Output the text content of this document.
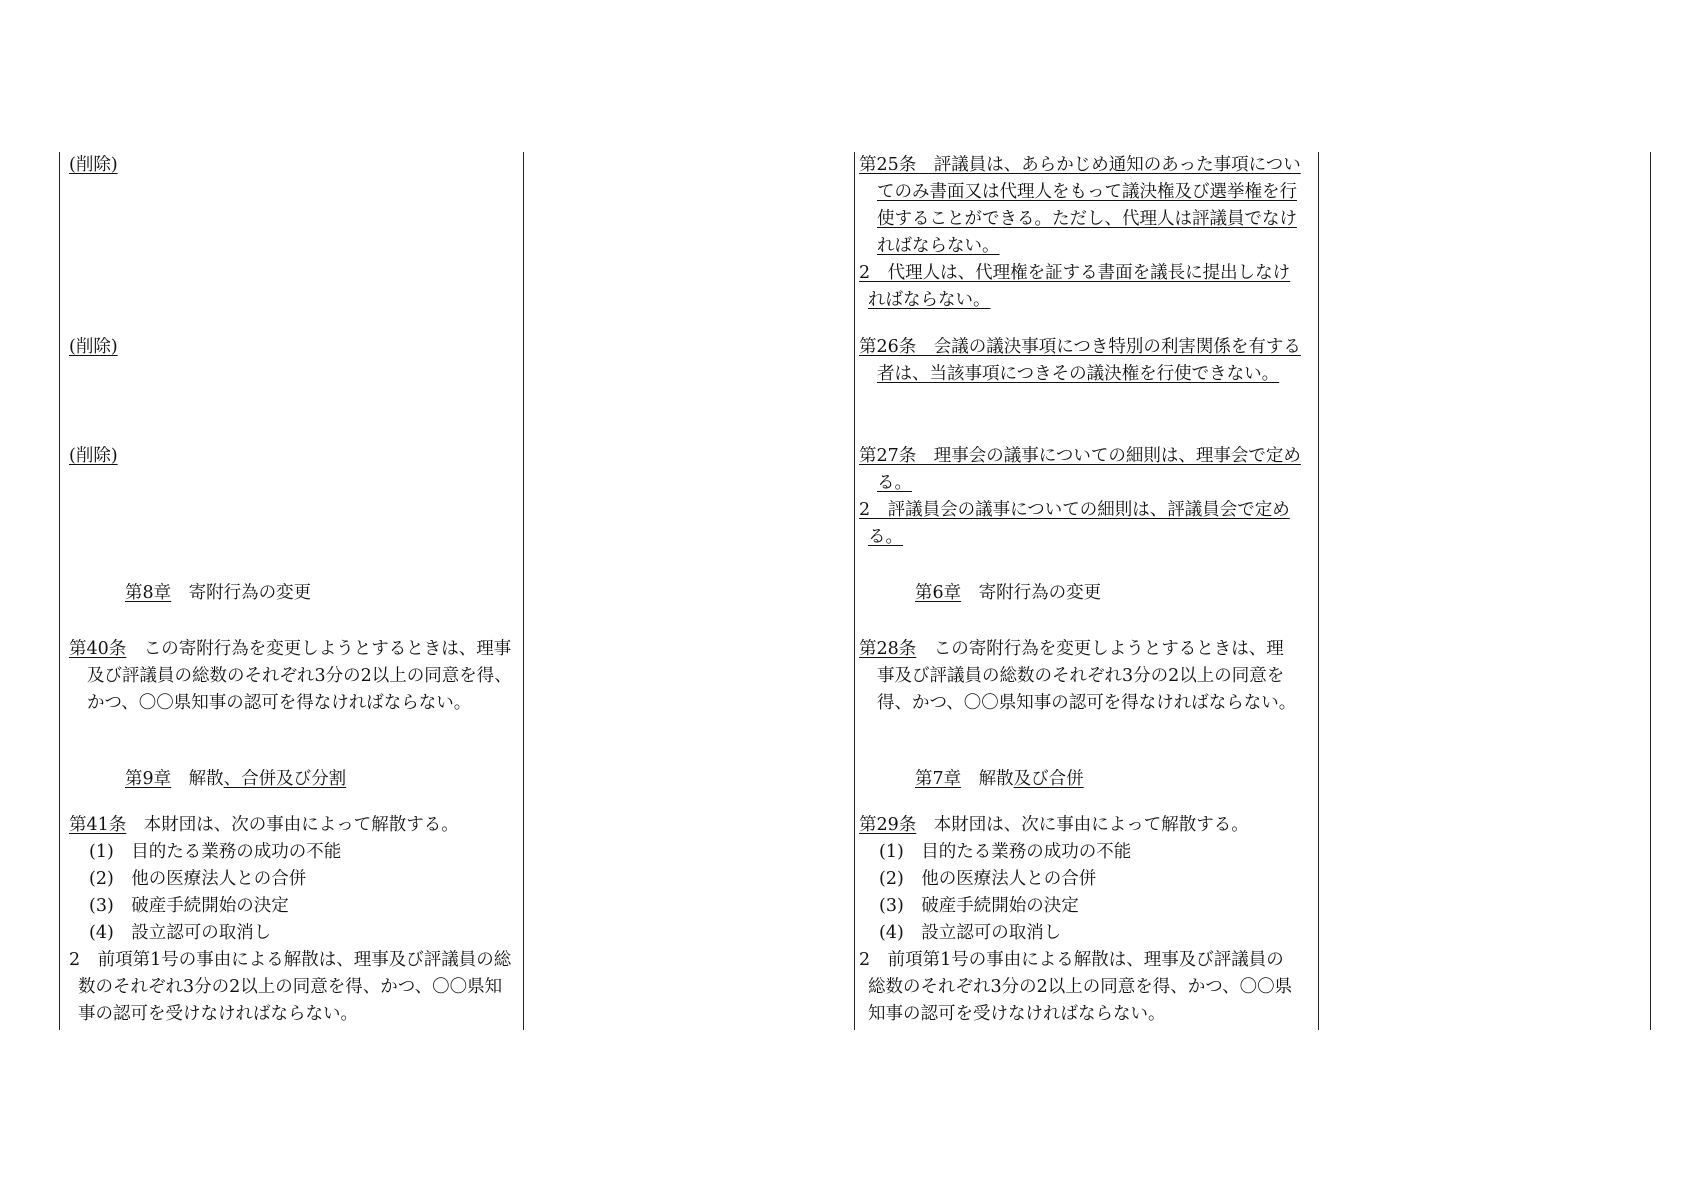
(削除)
(削除)
(削除)

第8章　 寄附行為の変更

第40条　 この寄附行為を変更しようとするときは、理事及び評議員の総数のそれぞれ3分の2以上の同意を得、かつ、〇〇県知事の認可を得なければならない。

第9章　 解散、合併及び分割

第41条　 本財団は、次の事由によって解散する。

(1)　目的たる業務の成功の不能

(2)　他の医療法人との合併

(3)　破産手続開始の決定

(4)　設立認可の取消し

2　前項第1号の事由による解散は、理事及び評議員の総数のそれぞれ3分の2以上の同意を得、かつ、〇〇県知事の認可を受けなければならない。

第25条　評議員は、あらかじめ通知のあった事項についてのみ書面又は代理人をもって議決権及び選挙権を行使することができる。ただし、代理人は評議員でなければならない。

2　代理人は、代理権を証する書面を議長に提出しなければならない。

第26条　会議の議決事項につき特別の利害関係を有する者は、当該事項につきその議決権を行使できない。

第27条　理事会の議事についての細則は、理事会で定める。

2　評議員会の議事についての細則は、評議員会で定める。

第6章　 寄附行為の変更

第28条　 この寄附行為を変更しようとするときは、理事及び評議員の総数のそれぞれ3分の2以上の同意を得、かつ、〇〇県知事の認可を得なければならない。

第7章　 解散及び合併

第29条　 本財団は、次に事由によって解散する。

(1)　目的たる業務の成功の不能

(2)　他の医療法人との合併

(3)　破産手続開始の決定

(4)　設立認可の取消し

2　前項第1号の事由による解散は、理事及び評議員の総数のそれぞれ3分の2以上の同意を得、かつ、〇〇県知事の認可を受けなければならない。
